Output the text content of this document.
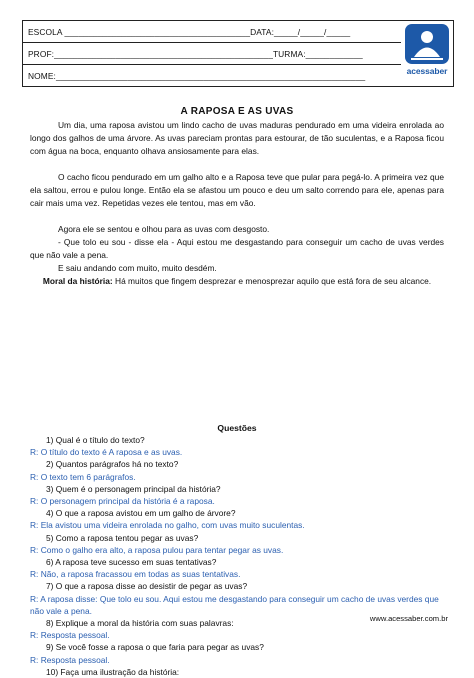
ESCOLA _______________________________________DATA:_____/_____/_____
PROF:______________________________________________TURMA:____________
NOME:_________________________________________________________________	acessaber
A RAPOSA E AS UVAS
Um dia, uma raposa avistou um lindo cacho de uvas maduras pendurado em uma videira enrolada ao longo dos galhos de uma árvore. As uvas pareciam prontas para estourar, de tão suculentas, e a Raposa ficou com água na boca, enquanto olhava ansiosamente para elas.
O cacho ficou pendurado em um galho alto e a Raposa teve que pular para pegá-lo. A primeira vez que ela saltou, errou e pulou longe. Então ela se afastou um pouco e deu um salto correndo para ele, apenas para cair mais uma vez. Repetidas vezes ele tentou, mas em vão.
Agora ele se sentou e olhou para as uvas com desgosto.
- Que tolo eu sou - disse ela - Aqui estou me desgastando para conseguir um cacho de uvas verdes que não vale a pena.
E saiu andando com muito, muito desdém.
Moral da história: Há muitos que fingem desprezar e menosprezar aquilo que está fora de seu alcance.
Questões
www.acessaber.com.br
1) Qual é o título do texto?
R: O título do texto é A raposa e as uvas.
2) Quantos parágrafos há no texto?
R: O texto tem 6 parágrafos.
3) Quem é o personagem principal da história?
R: O personagem principal da história é a raposa.
4) O que a raposa avistou em um galho de árvore?
R: Ela avistou uma videira enrolada no galho, com uvas muito suculentas.
5) Como a raposa tentou pegar as uvas?
R: Como o galho era alto, a raposa pulou para tentar pegar as uvas.
6) A raposa teve sucesso em suas tentativas?
R: Não, a raposa fracassou em todas as suas tentativas.
7) O que a raposa disse ao desistir de pegar as uvas?
R: A raposa disse: Que tolo eu sou. Aqui estou me desgastando para conseguir um cacho de uvas verdes que não vale a pena.
8) Explique a moral da história com suas palavras:
R: Resposta pessoal.
9) Se você fosse a raposa o que faria para pegar as uvas?
R: Resposta pessoal.
10) Faça uma ilustração da história:
